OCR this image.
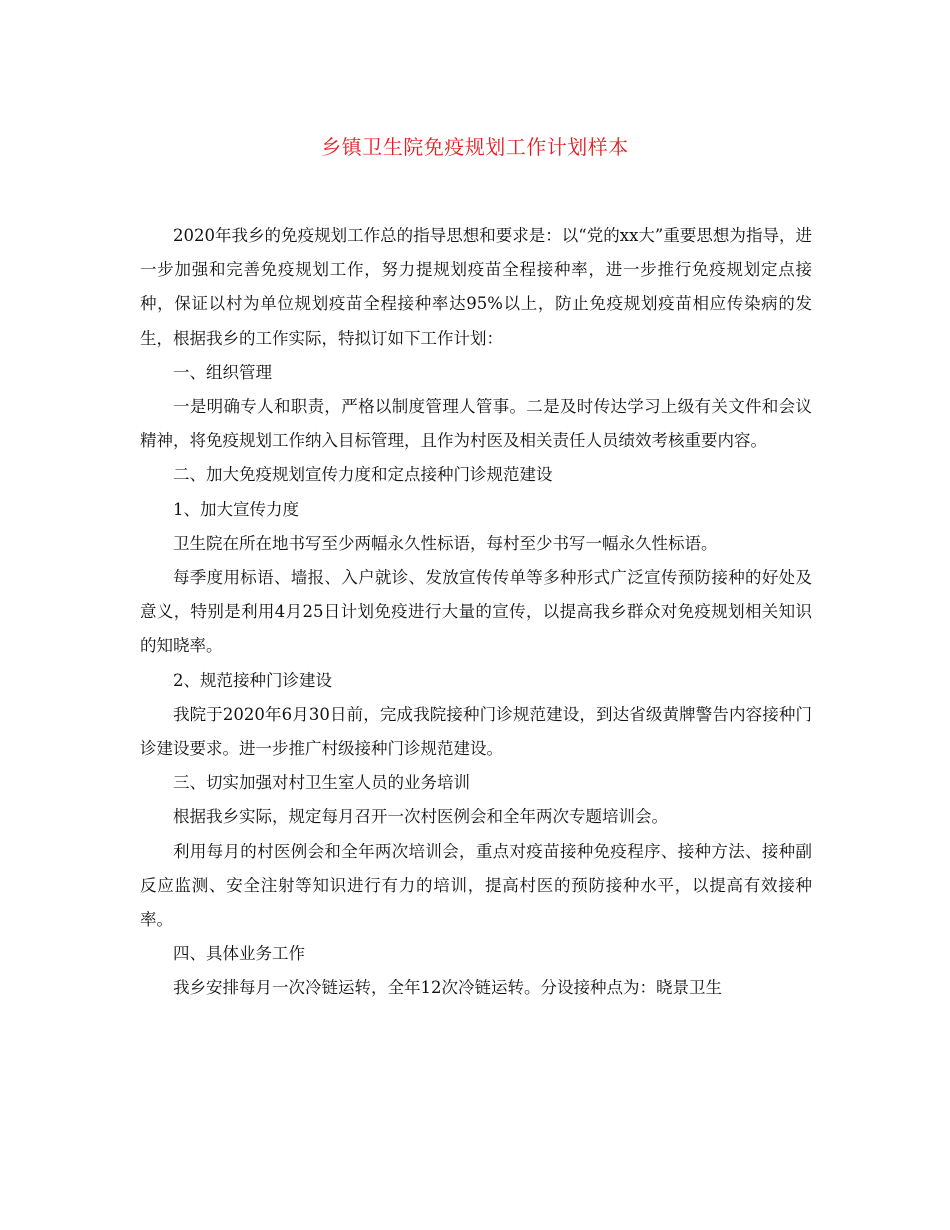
乡镇卫生院免疫规划工作计划样本

2020年我乡的免疫规划工作总的指导思想和要求是：以“党的xx大”重要思想为指导，进一步加强和完善免疫规划工作，努力提规划疫苗全程接种率，进一步推行免疫规划定点接种，保证以村为单位规划疫苗全程接种率达95%以上，防止免疫规划疫苗相应传染病的发生，根据我乡的工作实际，特拟订如下工作计划：

一、组织管理

一是明确专人和职责，严格以制度管理人管事。二是及时传达学习上级有关文件和会议精神，将免疫规划工作纳入目标管理，且作为村医及相关责任人员绩效考核重要内容。

二、加大免疫规划宣传力度和定点接种门诊规范建设

1、加大宣传力度

卫生院在所在地书写至少两幅永久性标语，每村至少书写一幅永久性标语。

每季度用标语、墙报、入户就诊、发放宣传传单等多种形式广泛宣传预防接种的好处及意义，特别是利用4月25日计划免疫进行大量的宣传，以提高我乡群众对免疫规划相关知识的知晓率。

2、规范接种门诊建设

我院于2020年6月30日前，完成我院接种门诊规范建设，到达省级黄牌警告内容接种门诊建设要求。进一步推广村级接种门诊规范建设。

三、切实加强对村卫生室人员的业务培训

根据我乡实际，规定每月召开一次村医例会和全年两次专题培训会。

利用每月的村医例会和全年两次培训会，重点对疫苗接种免疫程序、接种方法、接种副反应监测、安全注射等知识进行有力的培训，提高村医的预防接种水平，以提高有效接种率。

四、具体业务工作

我乡安排每月一次冷链运转，全年12次冷链运转。分设接种点为：晓景卫生
